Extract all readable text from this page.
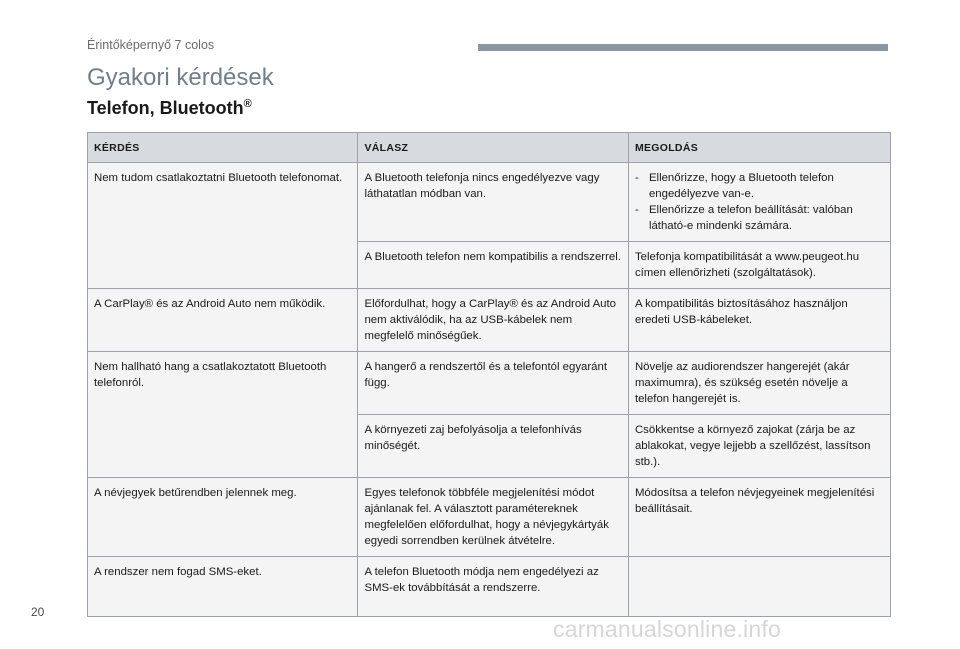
Érintőképernyő 7 colos
Gyakori kérdések
Telefon, Bluetooth®
KÉRDÉS	VÁLASZ	MEGOLDÁS
Nem tudom csatlakoztatni Bluetooth telefonomat.	A Bluetooth telefonja nincs engedélyezve vagy láthatatlan módban van.	- Ellenőrizze, hogy a Bluetooth telefon engedélyezve van-e.
- Ellenőrizze a telefon beállítását: valóban látható-e mindenki számára.

	A Bluetooth telefon nem kompatibilis a rendszerrel.	Telefonja kompatibilitását a www.peugeot.hu címen ellenőrizheti (szolgáltatások).
A CarPlay® és az Android Auto nem működik.	Előfordulhat, hogy a CarPlay® és az Android Auto nem aktiválódik, ha az USB-kábelek nem megfelelő minőségűek.	A kompatibilitás biztosításához használjon eredeti USB-kábeleket.
Nem hallható hang a csatlakoztatott Bluetooth telefonról.	A hangerő a rendszertől és a telefontól egyaránt függ.	Növelje az audiorendszer hangerejét (akár maximumra), és szükség esetén növelje a telefon hangerejét is.
	A környezeti zaj befolyásolja a telefonhívás minőségét.	Csökkentse a környező zajokat (zárja be az ablakokat, vegye lejjebb a szellőzést, lassítson stb.).
A névjegyek betűrendben jelennek meg.	Egyes telefonok többféle megjelenítési módot ajánlanak fel. A választott paramétereknek megfelelően előfordulhat, hogy a névjegykártyák egyedi sorrendben kerülnek átvételre.	Módosítsa a telefon névjegyeinek megjelenítési beállításait.
A rendszer nem fogad SMS-eket.	A telefon Bluetooth módja nem engedélyezi az SMS-ek továbbítását a rendszerre.	
20
carmanualsonline.info
